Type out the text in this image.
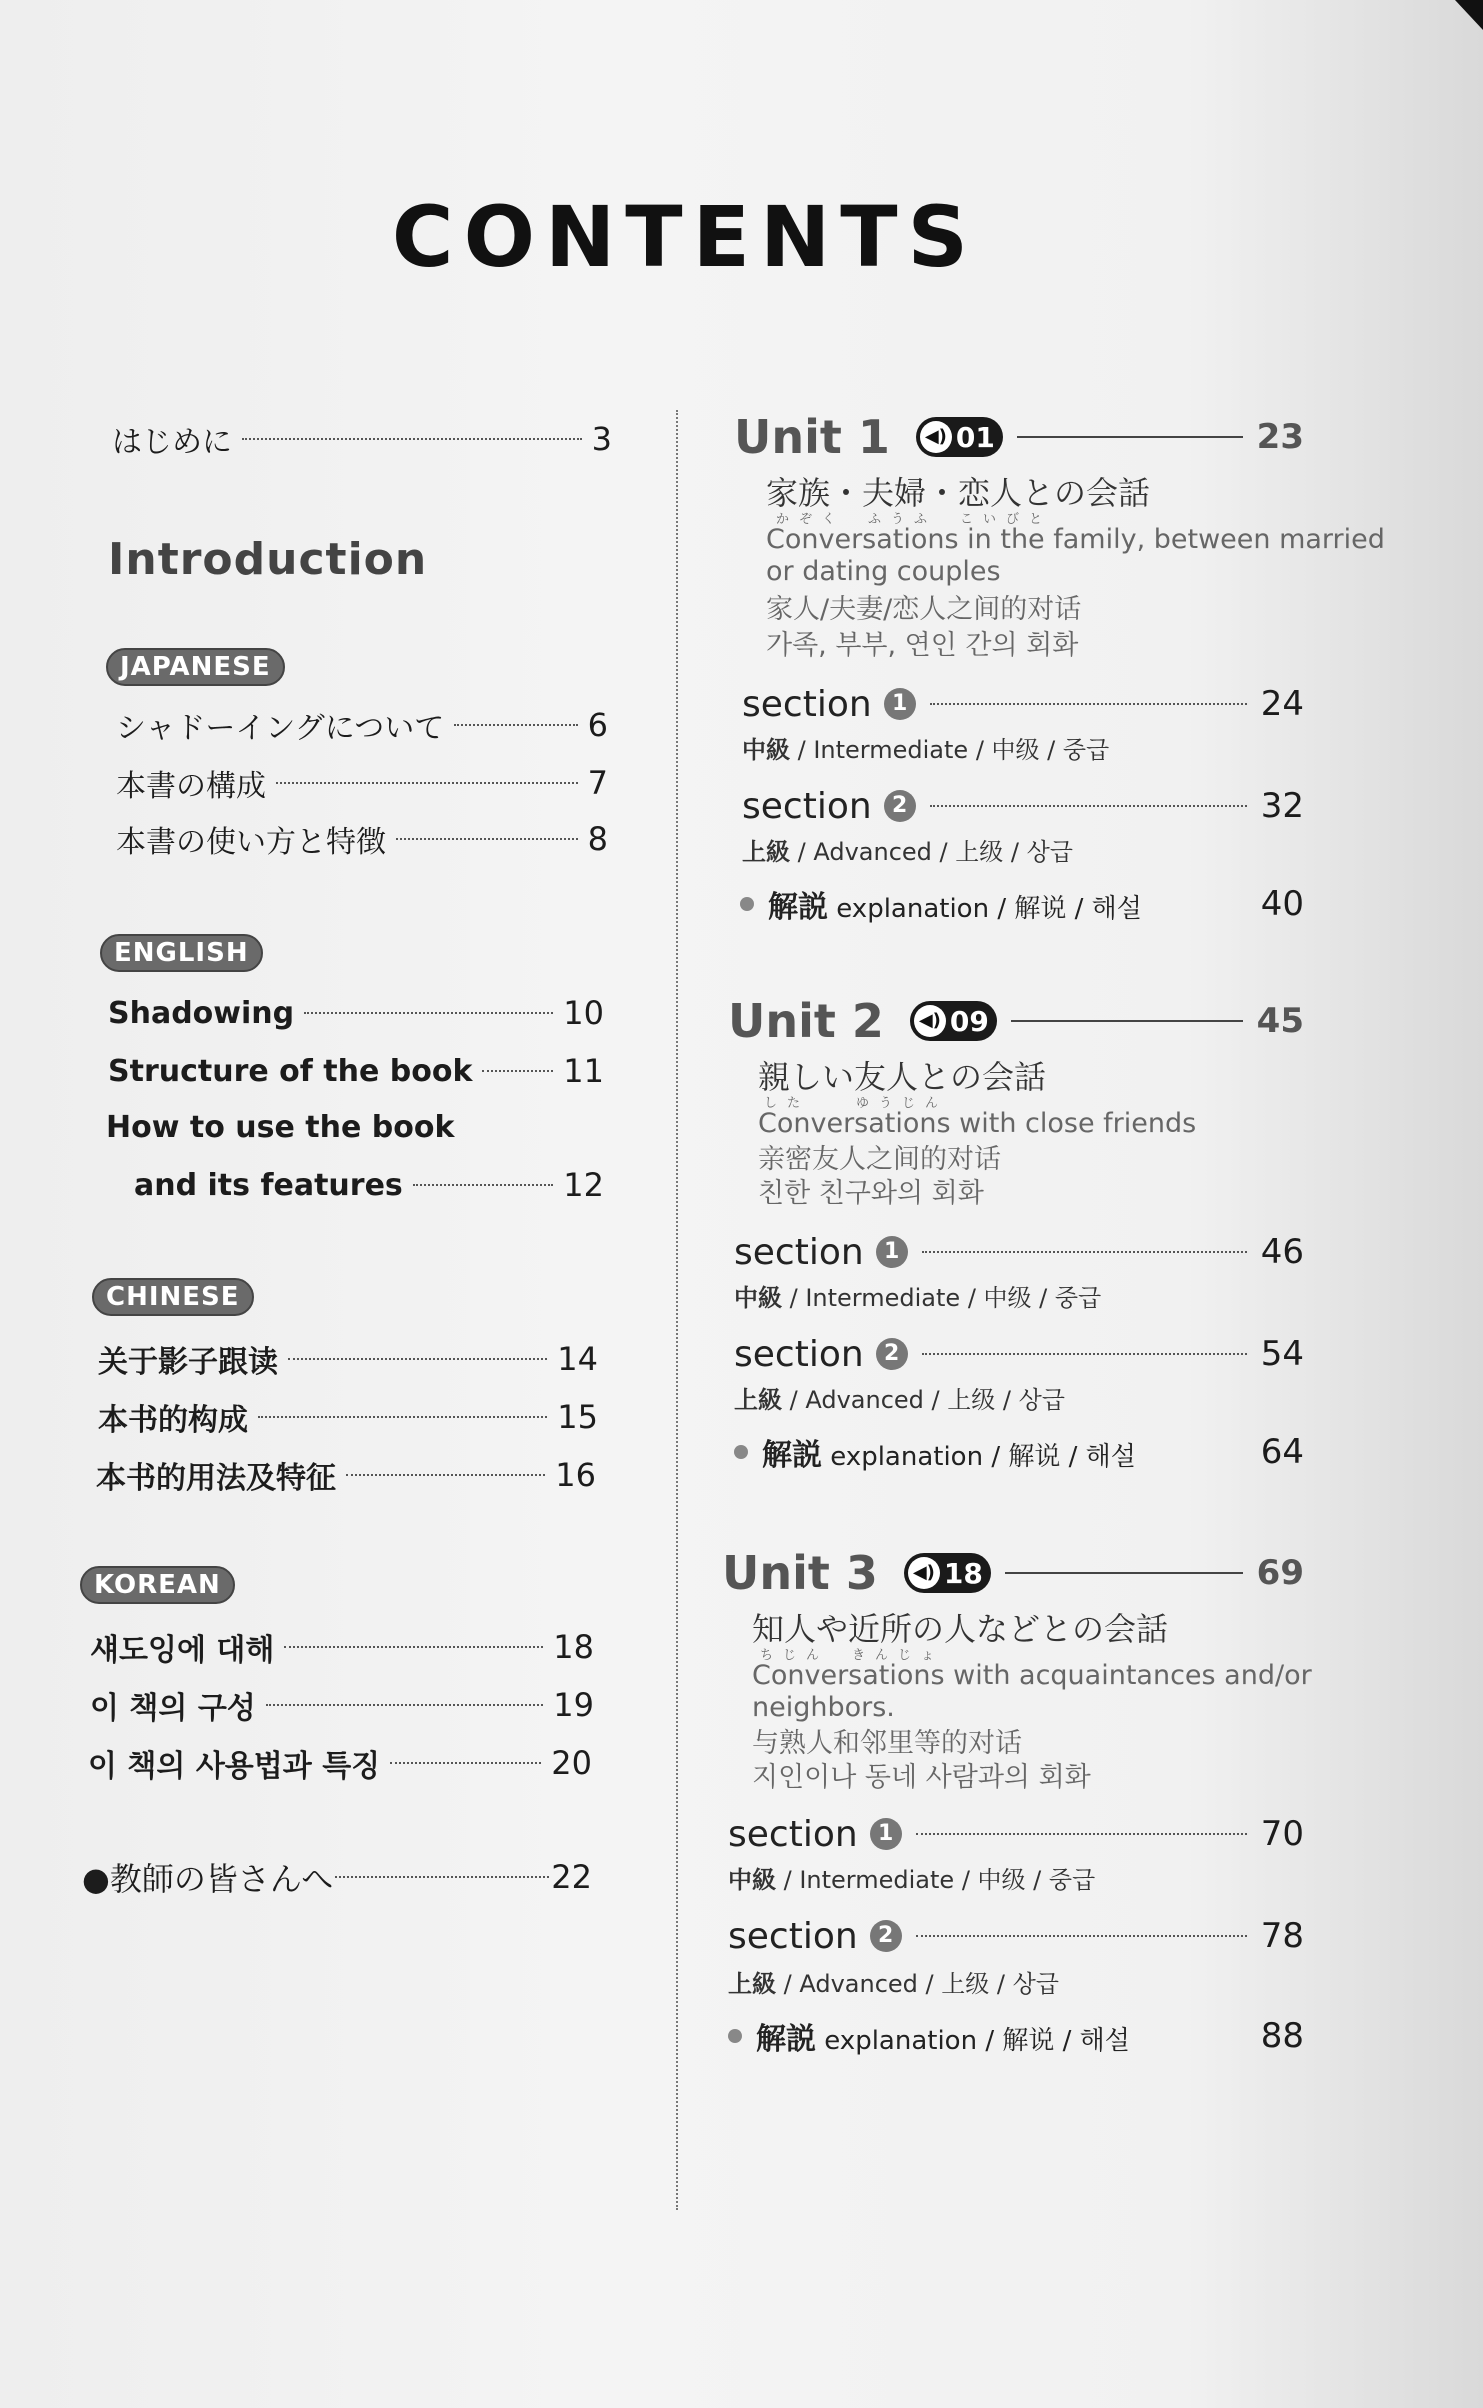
CONTENTS
はじめに	3
Introduction
JAPANESE
シャドーイングについて	6
本書の構成	7
本書の使い方と特徴	8
ENGLISH
Shadowing	10
Structure of the book	11
How to use the book
and its features	12
CHINESE
关于影子跟读	14
本书的构成	15
本书的用法及特征	16
KOREAN
섀도잉에 대해	18
이 책의 구성	19
이 책의 사용법과 특징	20
●教師の皆さんへ	22
Unit 1 ◀) 01	23
家族・夫婦・恋人との会話
かぞく　ふうふ　こいびと
Conversations in the family, between married
or dating couples
家人/夫妻/恋人之间的对话
가족, 부부, 연인 간의 회화
section 1	24
中級 / Intermediate / 中级 / 중급
section 2	32
上級 / Advanced / 上级 / 상급
解説 explanation / 解说 / 해설	40
Unit 2 ◀) 09	45
親しい友人との会話
した　　ゆうじん
Conversations with close friends
亲密友人之间的对话
친한 친구와의 회화
section 1	46
中級 / Intermediate / 中级 / 중급
section 2	54
上級 / Advanced / 上级 / 상급
解説 explanation / 解说 / 해설	64
Unit 3 ◀) 18	69
知人や近所の人などとの会話
ちじん　きんじょ
Conversations with acquaintances and/or
neighbors.
与熟人和邻里等的对话
지인이나 동네 사람과의 회화
section 1	70
中級 / Intermediate / 中级 / 중급
section 2	78
上級 / Advanced / 上级 / 상급
解説 explanation / 解说 / 해설	88
